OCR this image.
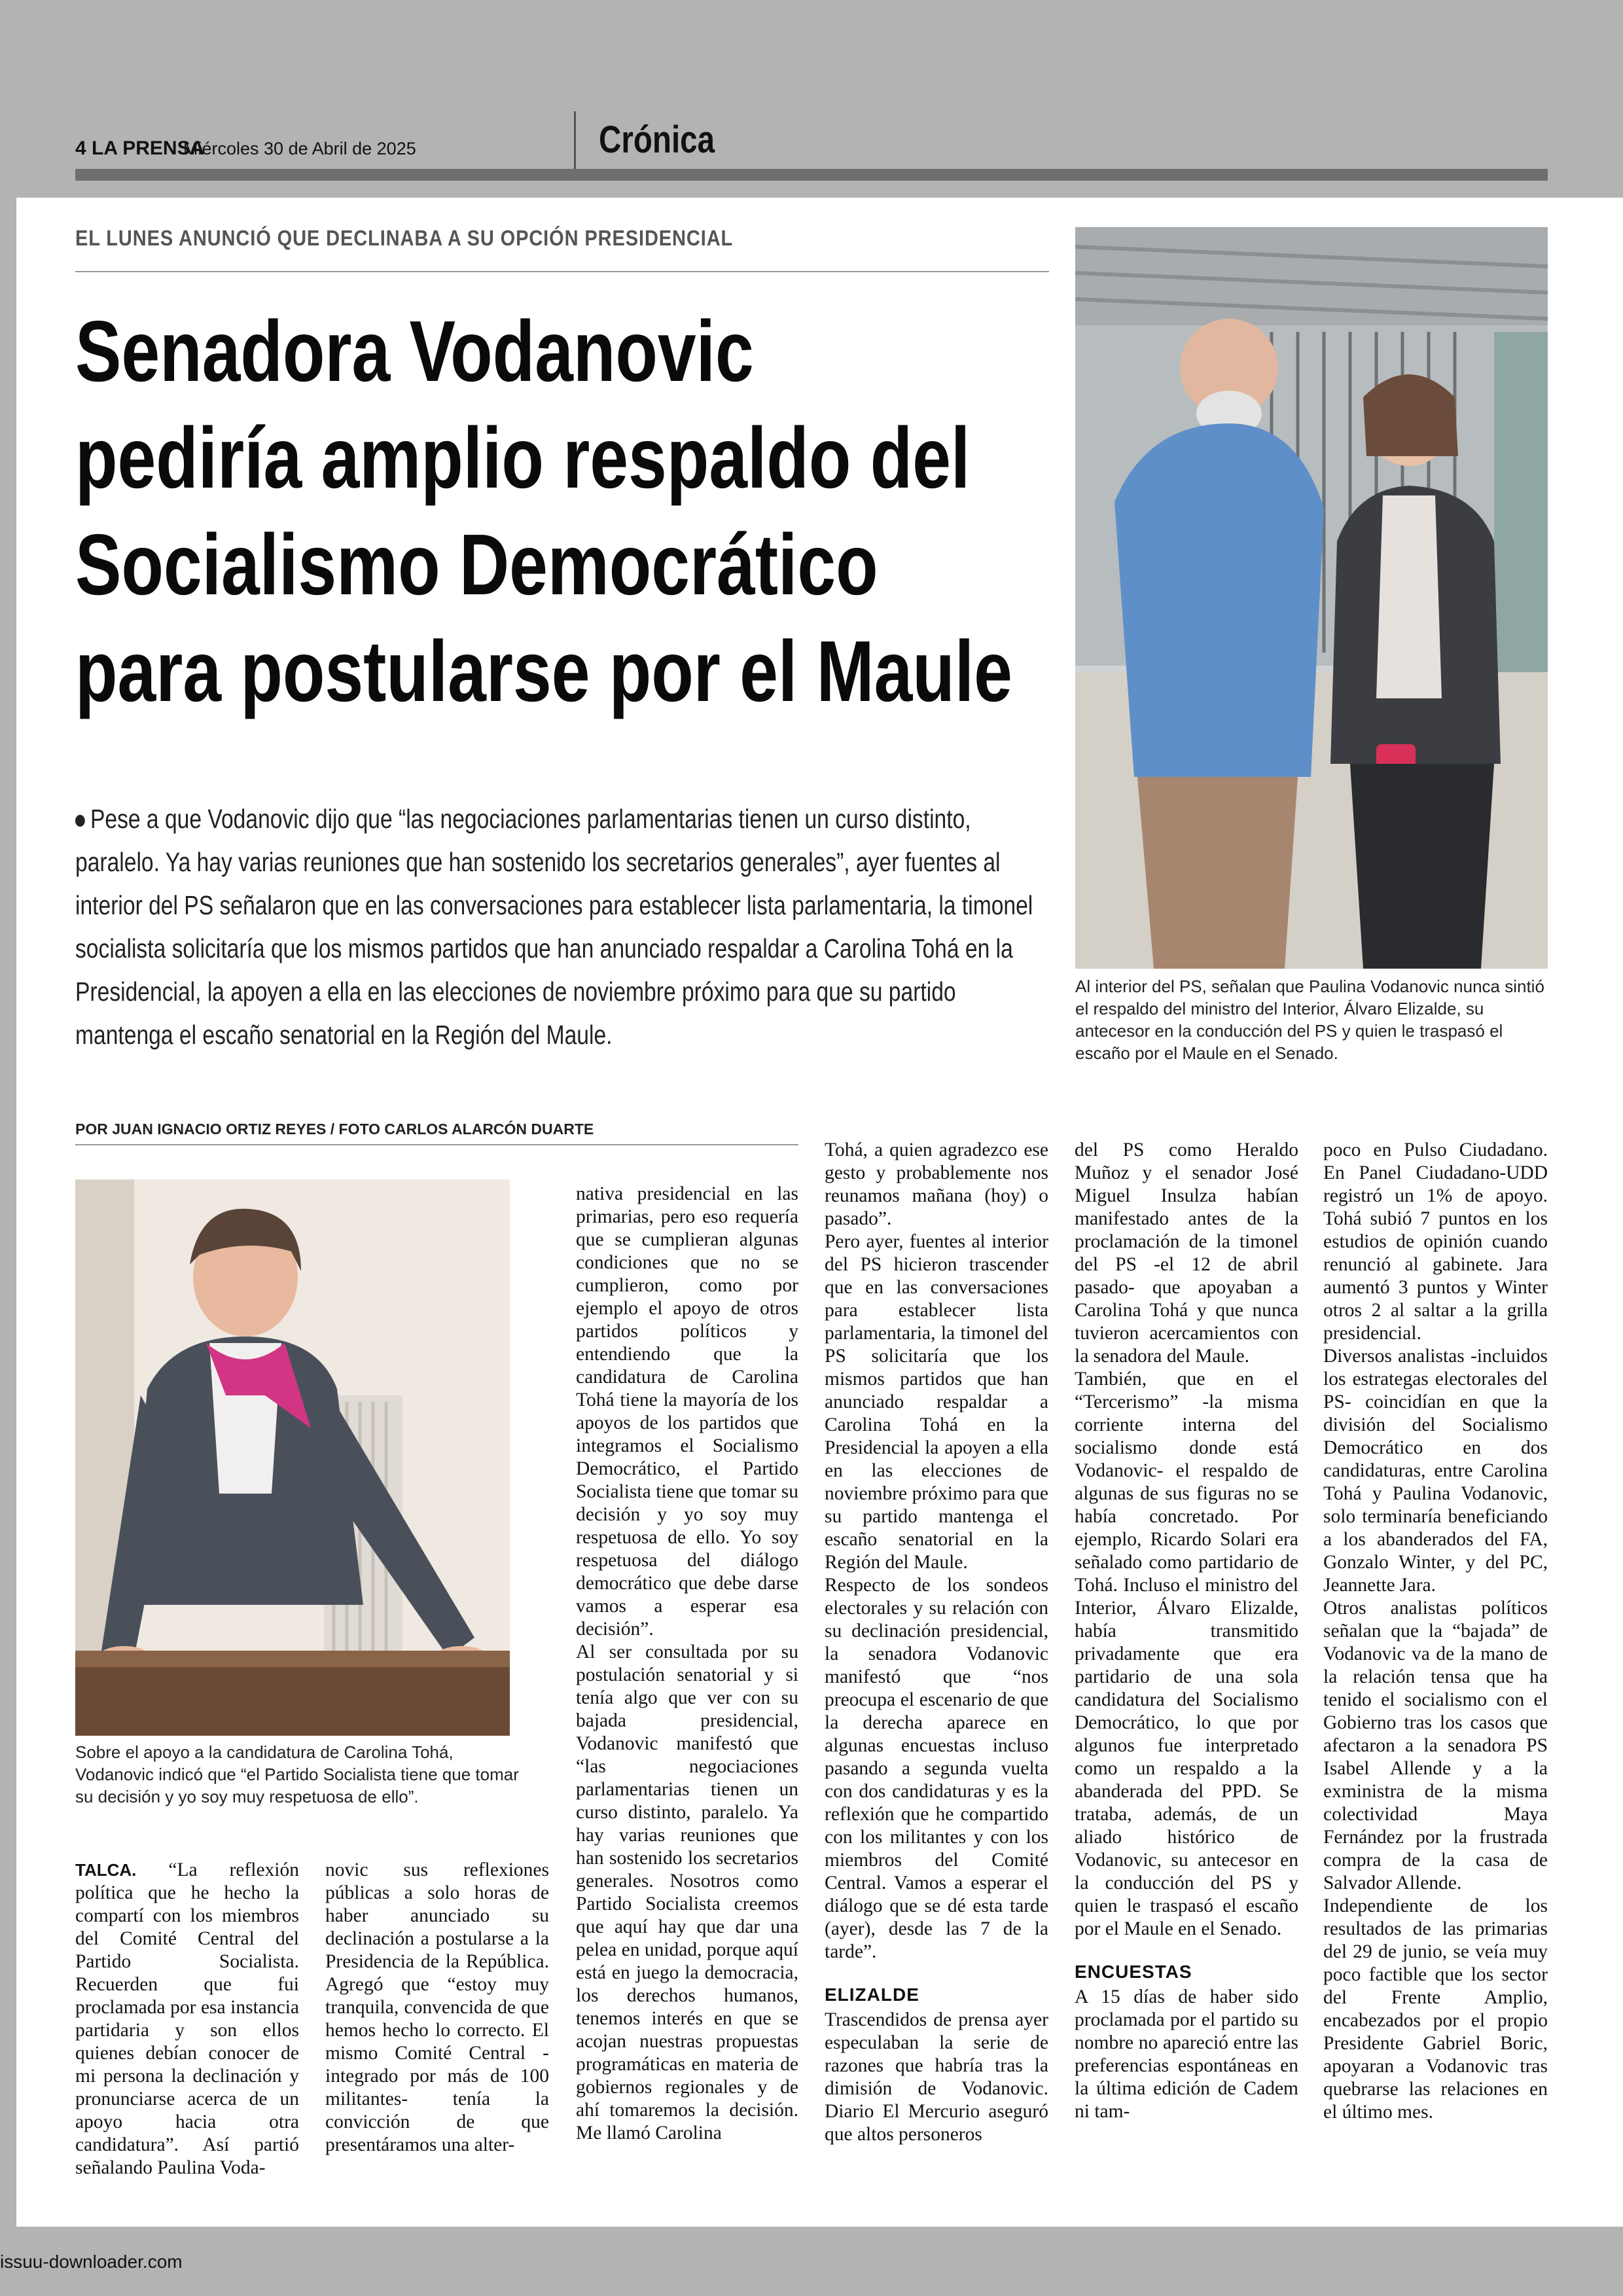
4 LA PRENSA
Miércoles 30 de Abril de 2025	Crónica
EL LUNES ANUNCIÓ QUE DECLINABA A SU OPCIÓN PRESIDENCIAL
Senadora Vodanovic
pediría amplio respaldo del
Socialismo Democrático
para postularse por el Maule
Pese a que Vodanovic dijo que “las negociaciones parlamentarias tienen un curso distinto, paralelo. Ya hay varias reuniones que han sostenido los secretarios generales”, ayer fuentes al interior del PS señalaron que en las conversaciones para establecer lista parlamentaria, la timonel socialista solicitaría que los mismos partidos que han anunciado respaldar a Carolina Tohá en la Presidencial, la apoyen a ella en las elecciones de noviembre próximo para que su partido mantenga el escaño senatorial en la Región del Maule.
POR JUAN IGNACIO ORTIZ REYES / FOTO CARLOS ALARCÓN DUARTE
Al interior del PS, señalan que Paulina Vodanovic nunca sintió el respaldo del ministro del Interior, Álvaro Elizalde, su antecesor en la conducción del PS y quien le traspasó el escaño por el Maule en el Senado.
Sobre el apoyo a la candidatura de Carolina Tohá, Vodanovic indicó que “el Partido Socialista tiene que tomar su decisión y yo soy muy respetuosa de ello”.

TALCA. “La reflexión política que he hecho la compartí con los miembros del Comité Central del Partido Socialista. Recuerden que fui proclamada por esa instancia partidaria y son ellos quienes debían conocer de mi persona la declinación y pronunciarse acerca de un apoyo hacia otra candidatura”. Así partió señalando Paulina Voda-

novic sus reflexiones públicas a solo horas de haber anunciado su declinación a postularse a la Presidencia de la República. Agregó que “estoy muy tranquila, convencida de que hemos hecho lo correcto. El mismo Comité Central -integrado por más de 100 militantes- tenía la convicción de que presentáramos una alter-

nativa presidencial en las primarias, pero eso requería que se cumplieran algunas condiciones que no se cumplieron, como por ejemplo el apoyo de otros partidos políticos y entendiendo que la candidatura de Carolina Tohá tiene la mayoría de los apoyos de los partidos que integramos el Socialismo Democrático, el Partido Socialista tiene que tomar su decisión y yo soy muy respetuosa de ello. Yo soy respetuosa del diálogo democrático que debe darse vamos a esperar esa decisión”.

Al ser consultada por su postulación senatorial y si tenía algo que ver con su bajada presidencial, Vodanovic manifestó que “las negociaciones parlamentarias tienen un curso distinto, paralelo. Ya hay varias reuniones que han sostenido los secretarios generales. Nosotros como Partido Socialista creemos que aquí hay que dar una pelea en unidad, porque aquí está en juego la democracia, los derechos humanos, tenemos interés en que se acojan nuestras propuestas programáticas en materia de gobiernos regionales y de ahí tomaremos la decisión. Me llamó Carolina

Tohá, a quien agradezco ese gesto y probablemente nos reunamos mañana (hoy) o pasado”.

Pero ayer, fuentes al interior del PS hicieron trascender que en las conversaciones para establecer lista parlamentaria, la timonel del PS solicitaría que los mismos partidos que han anunciado respaldar a Carolina Tohá en la Presidencial la apoyen a ella en las elecciones de noviembre próximo para que su partido mantenga el escaño senatorial en la Región del Maule.

Respecto de los sondeos electorales y su relación con su declinación presidencial, la senadora Vodanovic manifestó que “nos preocupa el escenario de que la derecha aparece en algunas encuestas incluso pasando a segunda vuelta con dos candidaturas y es la reflexión que he compartido con los militantes y con los miembros del Comité Central. Vamos a esperar el diálogo que se dé esta tarde (ayer), desde las 7 de la tarde”.

ELIZALDE

Trascendidos de prensa ayer especulaban la serie de razones que habría tras la dimisión de Vodanovic. Diario El Mercurio aseguró que altos personeros

del PS como Heraldo Muñoz y el senador José Miguel Insulza habían manifestado antes de la proclamación de la timonel del PS -el 12 de abril pasado- que apoyaban a Carolina Tohá y que nunca tuvieron acercamientos con la senadora del Maule.

También, que en el “Tercerismo” -la misma corriente interna del socialismo donde está Vodanovic- el respaldo de algunas de sus figuras no se había concretado. Por ejemplo, Ricardo Solari era señalado como partidario de Tohá. Incluso el ministro del Interior, Álvaro Elizalde, había transmitido privadamente que era partidario de una sola candidatura del Socialismo Democrático, lo que por algunos fue interpretado como un respaldo a la abanderada del PPD. Se trataba, además, de un aliado histórico de Vodanovic, su antecesor en la conducción del PS y quien le traspasó el escaño por el Maule en el Senado.

ENCUESTAS

A 15 días de haber sido proclamada por el partido su nombre no apareció entre las preferencias espontáneas en la última edición de Cadem ni tam-

poco en Pulso Ciudadano. En Panel Ciudadano-UDD registró un 1% de apoyo. Tohá subió 7 puntos en los estudios de opinión cuando renunció al gabinete. Jara aumentó 3 puntos y Winter otros 2 al saltar a la grilla presidencial.

Diversos analistas -incluidos los estrategas electorales del PS- coincidían en que la división del Socialismo Democrático en dos candidaturas, entre Carolina Tohá y Paulina Vodanovic, solo terminaría beneficiando a los abanderados del FA, Gonzalo Winter, y del PC, Jeannette Jara.

Otros analistas políticos señalan que la “bajada” de Vodanovic va de la mano de la relación tensa que ha tenido el socialismo con el Gobierno tras los casos que afectaron a la senadora PS Isabel Allende y a la exministra de la misma colectividad Maya Fernández por la frustrada compra de la casa de Salvador Allende.

Independiente de los resultados de las primarias del 29 de junio, se veía muy poco factible que los sector del Frente Amplio, encabezados por el propio Presidente Gabriel Boric, apoyaran a Vodanovic tras quebrarse las relaciones en el último mes.

issuu-downloader.com
